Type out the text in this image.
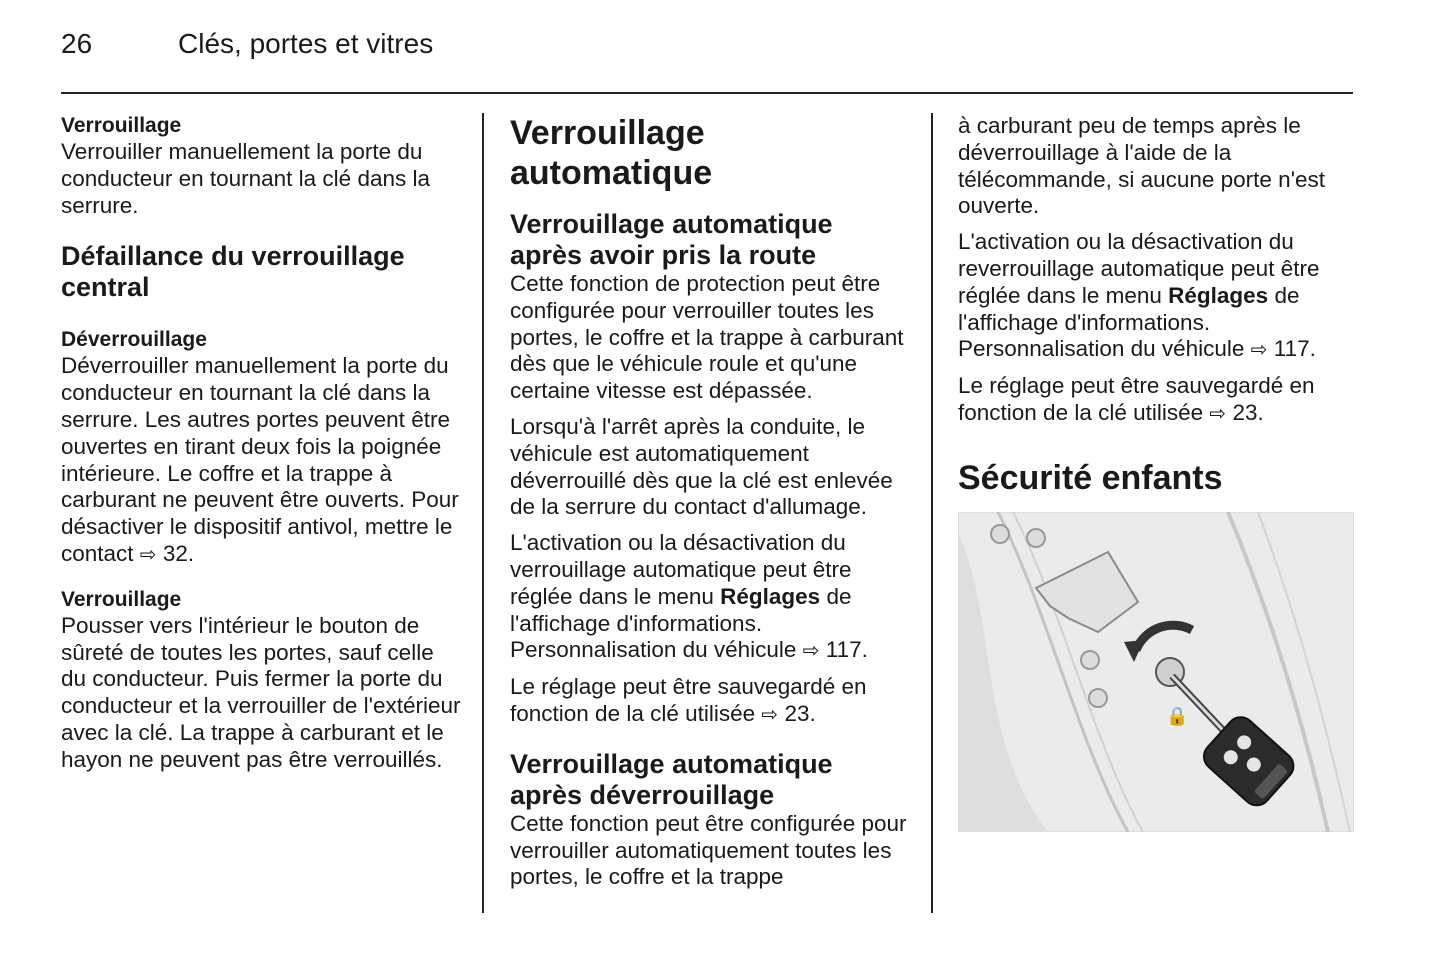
26	Clés, portes et vitres
Verrouillage

Verrouiller manuellement la porte du conducteur en tournant la clé dans la serrure.

Défaillance du verrouillage central
Déverrouillage

Déverrouiller manuellement la porte du conducteur en tournant la clé dans la serrure. Les autres portes peuvent être ouvertes en tirant deux fois la poignée intérieure. Le coffre et la trappe à carburant ne peuvent être ouverts. Pour désactiver le dispositif antivol, mettre le contact ⇨ 32.

Verrouillage

Pousser vers l'intérieur le bouton de sûreté de toutes les portes, sauf celle du conducteur. Puis fermer la porte du conducteur et la verrouiller de l'extérieur avec la clé. La trappe à carburant et le hayon ne peuvent pas être verrouillés.

Verrouillage automatique
Verrouillage automatique après avoir pris la route

Cette fonction de protection peut être configurée pour verrouiller toutes les portes, le coffre et la trappe à carburant dès que le véhicule roule et qu'une certaine vitesse est dépassée.

Lorsqu'à l'arrêt après la conduite, le véhicule est automatiquement déverrouillé dès que la clé est enlevée de la serrure du contact d'allumage.

L'activation ou la désactivation du verrouillage automatique peut être réglée dans le menu Réglages de l'affichage d'informations. Personnalisation du véhicule ⇨ 117.

Le réglage peut être sauvegardé en fonction de la clé utilisée ⇨ 23.

Verrouillage automatique après déverrouillage

Cette fonction peut être configurée pour verrouiller automatiquement toutes les portes, le coffre et la trappe

à carburant peu de temps après le déverrouillage à l'aide de la télécommande, si aucune porte n'est ouverte.

L'activation ou la désactivation du reverrouillage automatique peut être réglée dans le menu Réglages de l'affichage d'informations. Personnalisation du véhicule ⇨ 117.

Le réglage peut être sauvegardé en fonction de la clé utilisée ⇨ 23.

Sécurité enfants
🔒
